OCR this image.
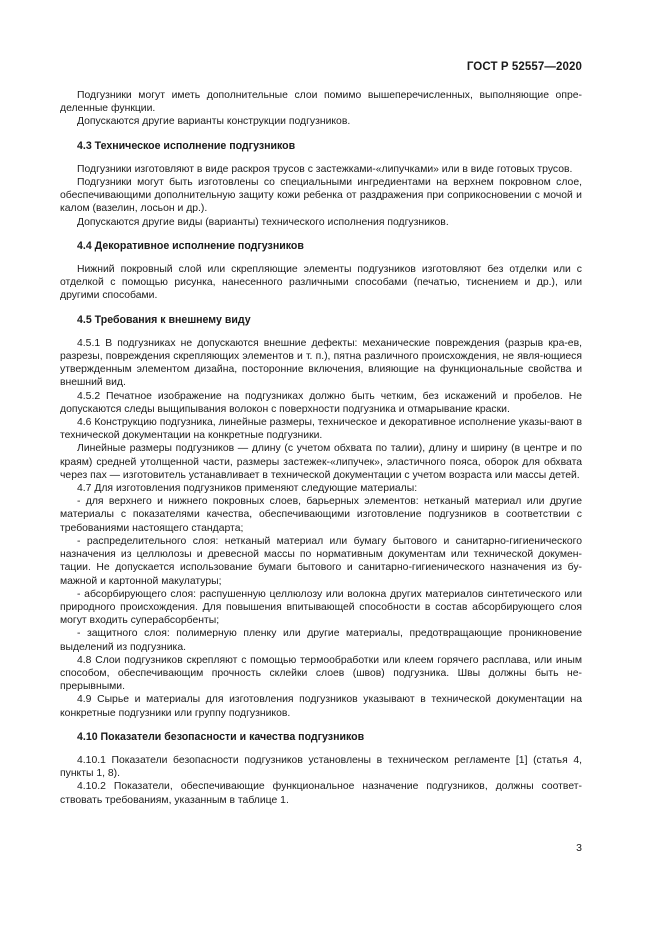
ГОСТ Р 52557—2020

Подгузники могут иметь дополнительные слои помимо вышеперечисленных, выполняющие опре-деленные функции.

Допускаются другие варианты конструкции подгузников.

4.3 Техническое исполнение подгузников

Подгузники изготовляют в виде раскроя трусов с застежками-«липучками» или в виде готовых трусов.

Подгузники могут быть изготовлены со специальными ингредиентами на верхнем покровном слое, обеспечивающими дополнительную защиту кожи ребенка от раздражения при соприкосновении с мочой и калом (вазелин, лосьон и др.).

Допускаются другие виды (варианты) технического исполнения подгузников.

4.4 Декоративное исполнение подгузников

Нижний покровный слой или скрепляющие элементы подгузников изготовляют без отделки или с отделкой с помощью рисунка, нанесенного различными способами (печатью, тиснением и др.), или другими способами.

4.5 Требования к внешнему виду

4.5.1 В подгузниках не допускаются внешние дефекты: механические повреждения (разрыв кра-ев, разрезы, повреждения скрепляющих элементов и т. п.), пятна различного происхождения, не явля-ющиеся утвержденным элементом дизайна, посторонние включения, влияющие на функциональные свойства и внешний вид.

4.5.2 Печатное изображение на подгузниках должно быть четким, без искажений и пробелов. Не допускаются следы выщипывания волокон с поверхности подгузника и отмарывание краски.

4.6 Конструкцию подгузника, линейные размеры, техническое и декоративное исполнение указы-вают в технической документации на конкретные подгузники.

Линейные размеры подгузников — длину (с учетом обхвата по талии), длину и ширину (в центре и по краям) средней утолщенной части, размеры застежек-«липучек», эластичного пояса, оборок для обхвата через пах — изготовитель устанавливает в технической документации с учетом возраста или массы детей.

4.7 Для изготовления подгузников применяют следующие материалы:

- для верхнего и нижнего покровных слоев, барьерных элементов: нетканый материал или другие материалы с показателями качества, обеспечивающими изготовление подгузников в соответствии с требованиями настоящего стандарта;

- распределительного слоя: нетканый материал или бумагу бытового и санитарно-гигиенического назначения из целлюлозы и древесной массы по нормативным документам или технической докумен-тации. Не допускается использование бумаги бытового и санитарно-гигиенического назначения из бу-мажной и картонной макулатуры;

- абсорбирующего слоя: распушенную целлюлозу или волокна других материалов синтетического или природного происхождения. Для повышения впитывающей способности в состав абсорбирующего слоя могут входить суперабсорбенты;

- защитного слоя: полимерную пленку или другие материалы, предотвращающие проникновение выделений из подгузника.

4.8 Слои подгузников скрепляют с помощью термообработки или клеем горячего расплава, или иным способом, обеспечивающим прочность склейки слоев (швов) подгузника. Швы должны быть не-прерывными.

4.9 Сырье и материалы для изготовления подгузников указывают в технической документации на конкретные подгузники или группу подгузников.

4.10 Показатели безопасности и качества подгузников

4.10.1 Показатели безопасности подгузников установлены в техническом регламенте [1] (статья 4, пункты 1, 8).

4.10.2 Показатели, обеспечивающие функциональное назначение подгузников, должны соответ-ствовать требованиям, указанным в таблице 1.

3
